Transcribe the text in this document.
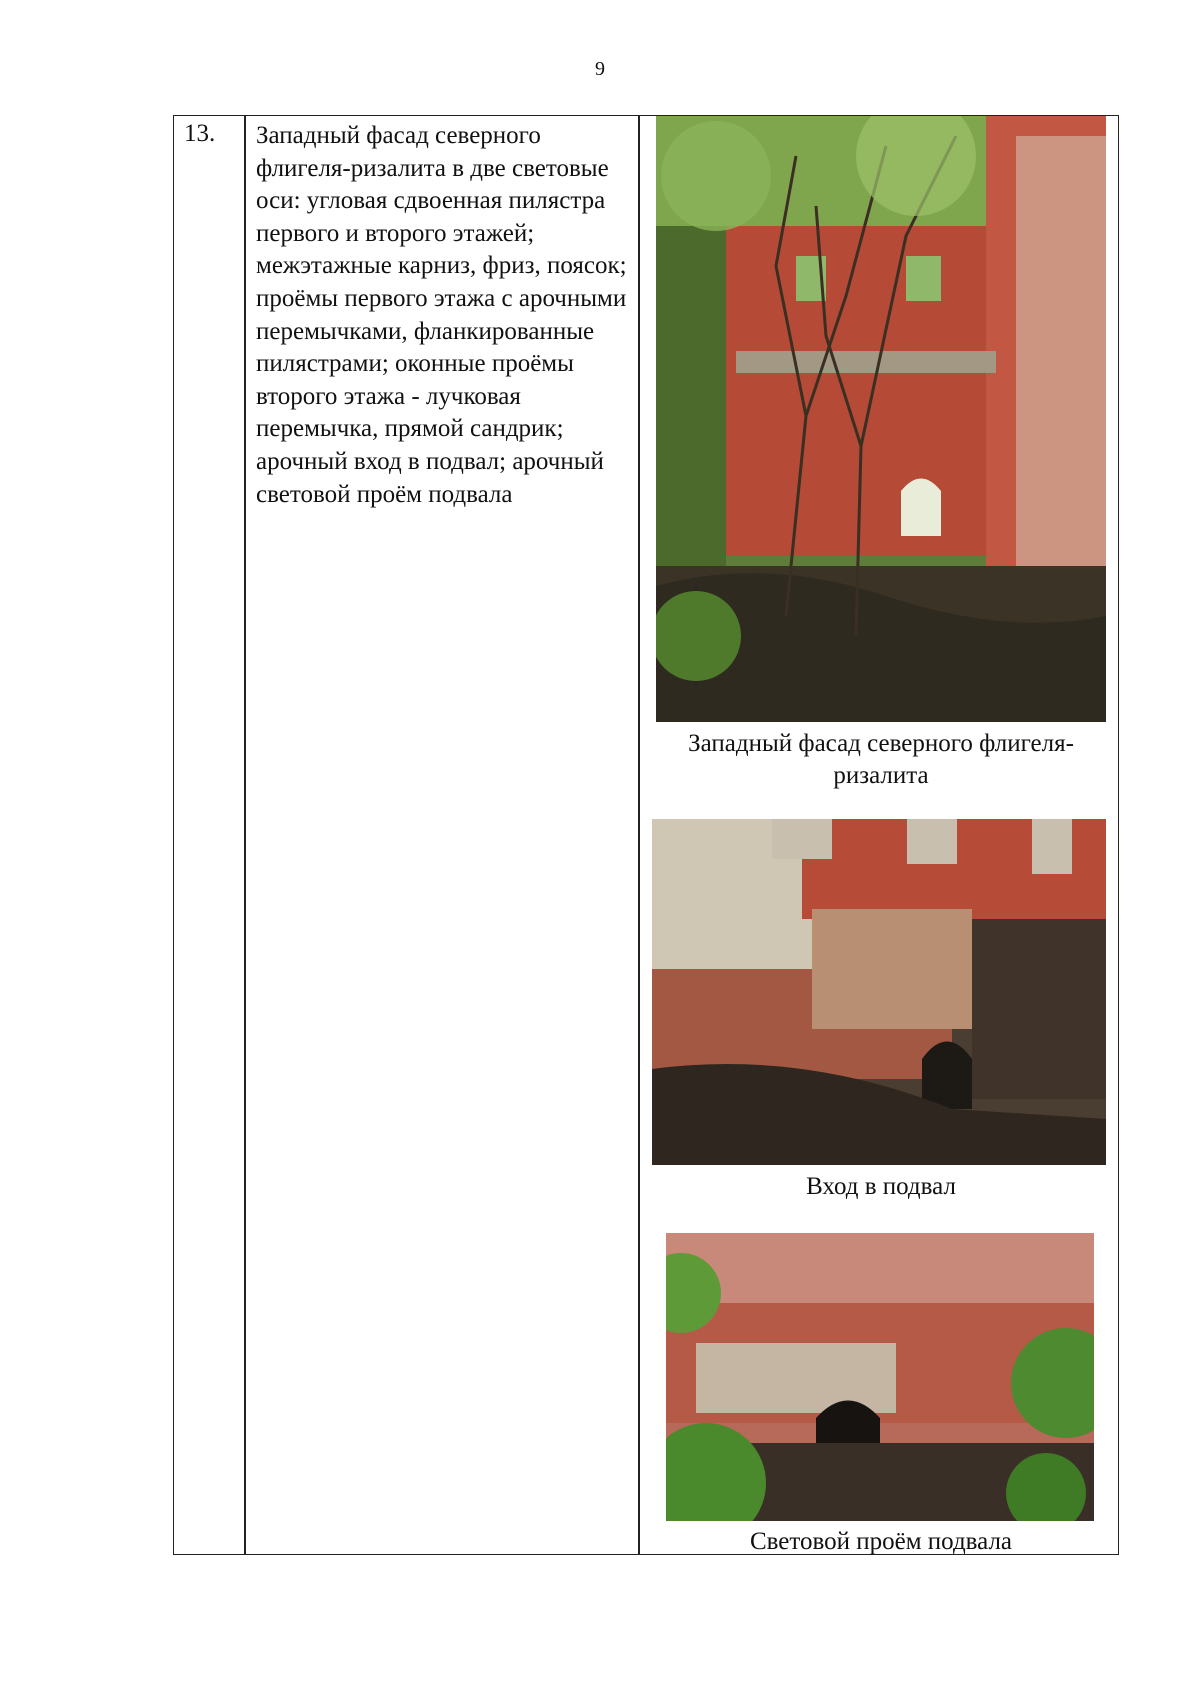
9
13. Западный фасад северного флигеля-ризалита в две световые оси: угловая сдвоенная пилястра первого и второго этажей; межэтажные карниз, фриз, поясок; проёмы первого этажа с арочными перемычками, фланкированные пилястрами; оконные проёмы второго этажа - лучковая перемычка, прямой сандрик; арочный вход в подвал; арочный световой проём подвала
Западный фасад северного флигеля-ризалита
Вход в подвал
Световой проём подвала
